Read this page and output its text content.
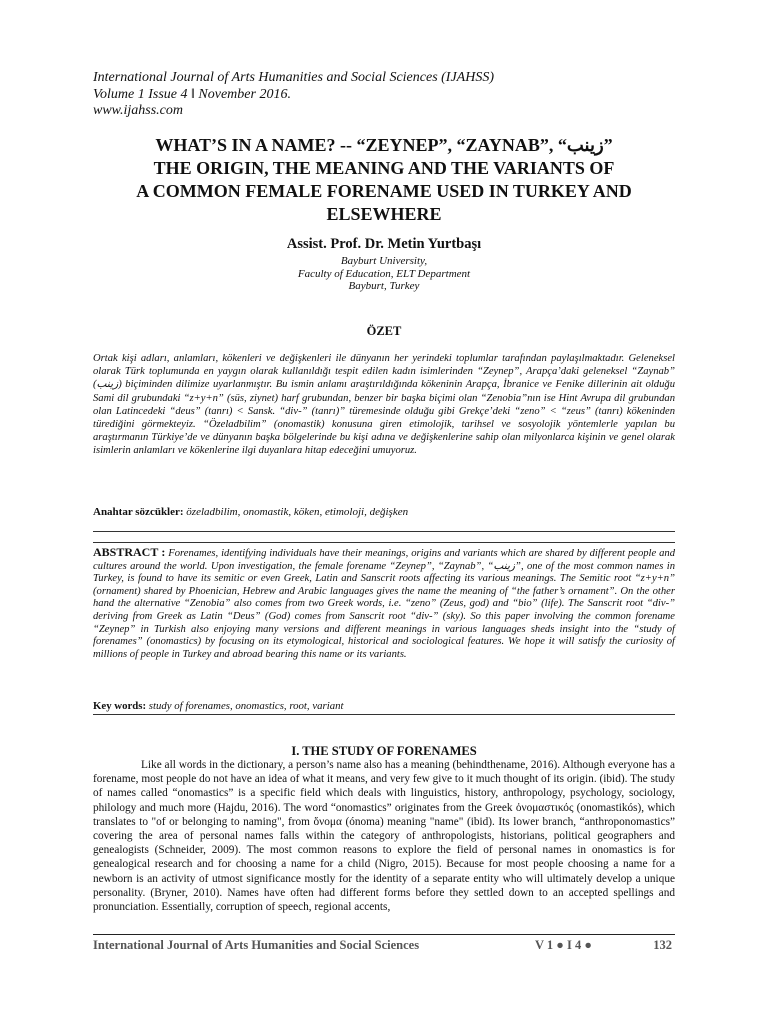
International Journal of Arts Humanities and Social Sciences (IJAHSS)
Volume 1 Issue 4 ǁ November 2016.
www.ijahss.com
WHAT’S IN A NAME? -- “ZEYNEP”, “ZAYNAB”, “زينب”
THE ORIGIN, THE MEANING AND THE VARIANTS OF
A COMMON FEMALE FORENAME USED IN TURKEY AND
ELSEWHERE
Assist. Prof. Dr. Metin Yurtbaşı
Bayburt University,
Faculty of Education, ELT Department
Bayburt, Turkey
ÖZET

Ortak kişi adları, anlamları, kökenleri ve değişkenleri ile dünyanın her yerindeki toplumlar tarafından paylaşılmaktadır. Geleneksel olarak Türk toplumunda en yaygın olarak kullanıldığı tespit edilen kadın isimlerinden “Zeynep”, Arapça’daki geleneksel “Zaynab” (زينب) biçiminden dilimize uyarlanmıştır. Bu ismin anlamı araştırıldığında kökeninin Arapça, İbranice ve Fenike dillerinin ait olduğu Sami dil grubundaki “z+y+n” (süs, ziynet) harf grubundan, benzer bir başka biçimi olan “Zenobia”nın ise Hint Avrupa dil grubundan olan Latincedeki “deus” (tanrı) < Sansk. “div-” (tanrı)” türemesinde olduğu gibi Grekçe’deki “zeno” < “zeus” (tanrı) kökeninden türediğini görmekteyiz. “Özeladbilim” (onomastik) konusuna giren etimolojik, tarihsel ve sosyolojik yöntemlerle yapılan bu araştırmanın Türkiye’de ve dünyanın başka bölgelerinde bu kişi adına ve değişkenlerine sahip olan milyonlarca kişinin ve genel olarak isimlerin anlamları ve kökenlerine ilgi duyanlara hitap edeceğini umuyoruz.

Anahtar sözcükler: özeladbilim, onomastik, köken, etimoloji, değişken

ABSTRACT : Forenames, identifying individuals have their meanings, origins and variants which are shared by different people and cultures around the world. Upon investigation, the female forename “Zeynep”, “Zaynab”, “زينب”, one of the most common names in Turkey, is found to have its semitic or even Greek, Latin and Sanscrit roots affecting its various meanings. The Semitic root “z+y+n” (ornament) shared by Phoenician, Hebrew and Arabic languages gives the name the meaning of “the father’s ornament”. On the other hand the alternative “Zenobia” also comes from two Greek words, i.e. “zeno” (Zeus, god) and “bio” (life). The Sanscrit root “div-” deriving from Greek as Latin “Deus” (God) comes from Sanscrit root “div-” (sky). So this paper involving the common forename “Zeynep” in Turkish also enjoying many versions and different meanings in various languages sheds insight into the “study of forenames” (onomastics) by focusing on its etymological, historical and sociological features. We hope it will satisfy the curiosity of millions of people in Turkey and abroad bearing this name or its variants.

Key words: study of forenames, onomastics, root, variant
I. THE STUDY OF FORENAMES

Like all words in the dictionary, a person’s name also has a meaning (behindthename, 2016). Although everyone has a forename, most people do not have an idea of what it means, and very few give to it much thought of its origin. (ibid). The study of names called “onomastics” is a specific field which deals with linguistics, history, anthropology, psychology, sociology, philology and much more (Hajdu, 2016). The word “onomastics” originates from the Greek ὀνομαστικός (onomastikós), which translates to "of or belonging to naming", from ὄνομα (ónoma) meaning "name" (ibid). Its lower branch, “anthroponomastics” covering the area of personal names falls within the category of anthropologists, historians, political geographers and genealogists (Schneider, 2009). The most common reasons to explore the field of personal names in onomastics is for genealogical research and for choosing a name for a child (Nigro, 2015). Because for most people choosing a name for a newborn is an activity of utmost significance mostly for the identity of a separate entity who will ultimately develop a unique personality. (Bryner, 2010). Names have often had different forms before they settled down to an accepted spellings and pronunciation. Essentially, corruption of speech, regional accents,

International Journal of Arts Humanities and Social Sciences	V 1 ● I 4 ●	132
